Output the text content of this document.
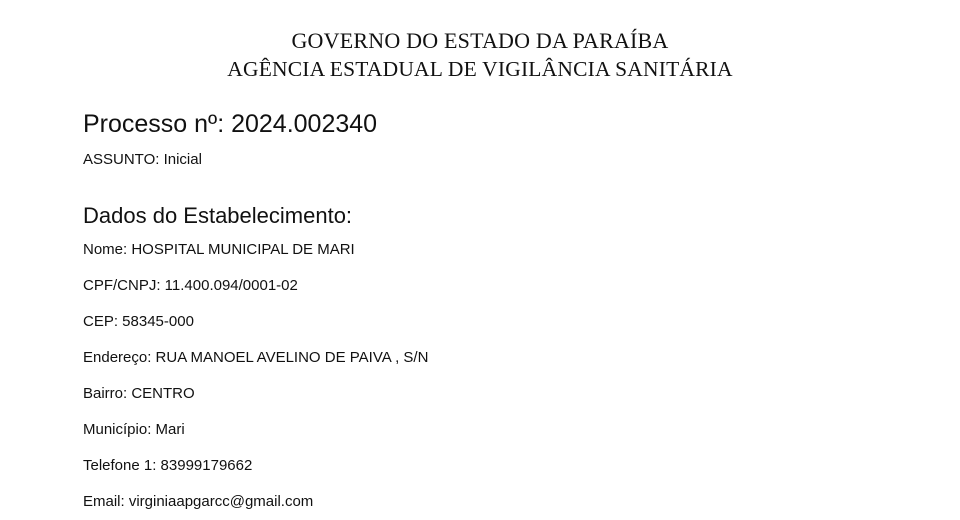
GOVERNO DO ESTADO DA PARAÍBA
AGÊNCIA ESTADUAL DE VIGILÂNCIA SANITÁRIA
Processo nº: 2024.002340
ASSUNTO: Inicial
Dados do Estabelecimento:
Nome: HOSPITAL MUNICIPAL DE MARI
CPF/CNPJ: 11.400.094/0001-02
CEP: 58345-000
Endereço: RUA MANOEL AVELINO DE PAIVA , S/N
Bairro: CENTRO
Município: Mari
Telefone 1: 83999179662
Email: virginiaapgarcc@gmail.com
